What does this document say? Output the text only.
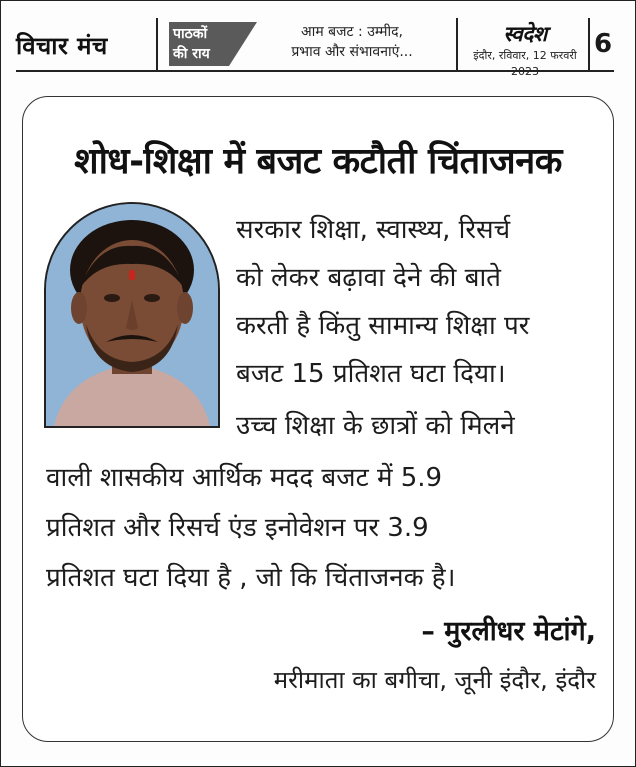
विचार मंच	पाठकों
की राय
आम बजट : उम्मीद,
प्रभाव और संभावनाएं...
स्वदेश
इंदौर, रविवार, 12 फरवरी 6
शोध-शिक्षा में बजट कटौती चिंताजनक
सरकार शिक्षा, स्वास्थ्य, रिसर्च
को लेकर बढ़ावा देने की बाते
करती है किंतु सामान्य शिक्षा पर
बजट 15 प्रतिशत घटा दिया।
उच्च शिक्षा के छात्रों को मिलने
वाली शासकीय आर्थिक मदद बजट में 5.9
प्रतिशत और रिसर्च एंड इनोवेशन पर 3.9
प्रतिशत घटा दिया है , जो कि चिंताजनक है।
– मुरलीधर मेटांगे,
मरीमाता का बगीचा, जूनी इंदौर, इंदौर
